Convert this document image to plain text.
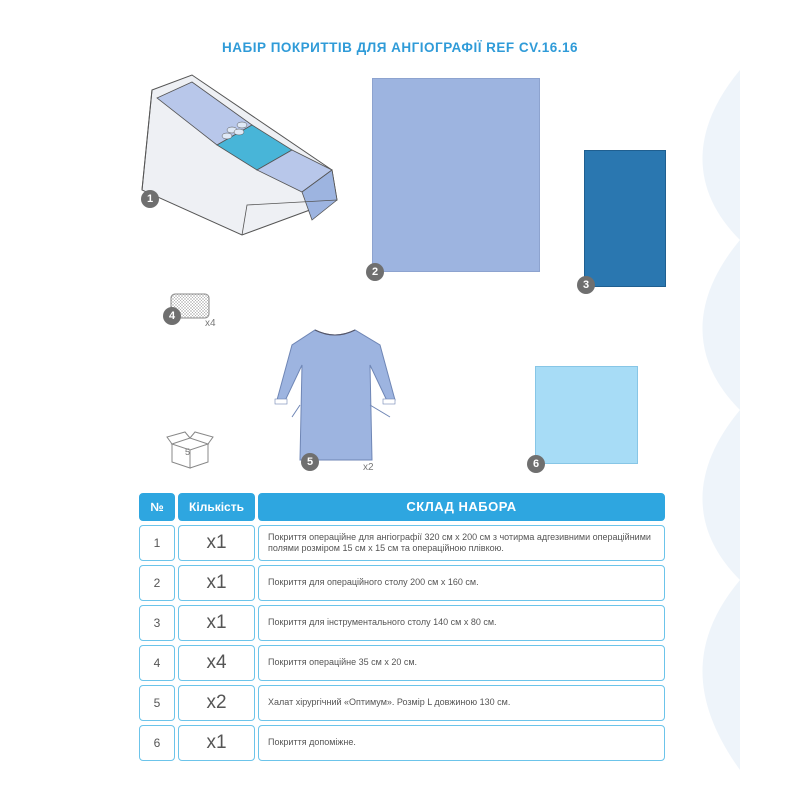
НАБІР ПОКРИТТІВ ДЛЯ АНГІОГРАФІЇ REF CV.16.16
1
2
3
4
x4
5
5	x2	6
№	Кількість	СКЛАД НАБОРА
1	x1	Покриття операційне для ангіографії 320 см х 200 см з чотирма адгезивними операційними полями розміром 15 см х 15 см та операційною плівкою.
2	x1	Покриття для операційного столу 200 см х 160 см.
3	x1	Покриття для інструментального столу 140 см х 80 см.
4	x4	Покриття операційне 35 см х 20 см.
5	x2	Халат хірургічний «Оптимум». Розмір L довжиною 130 см.
6	x1	Покриття допоміжне.
